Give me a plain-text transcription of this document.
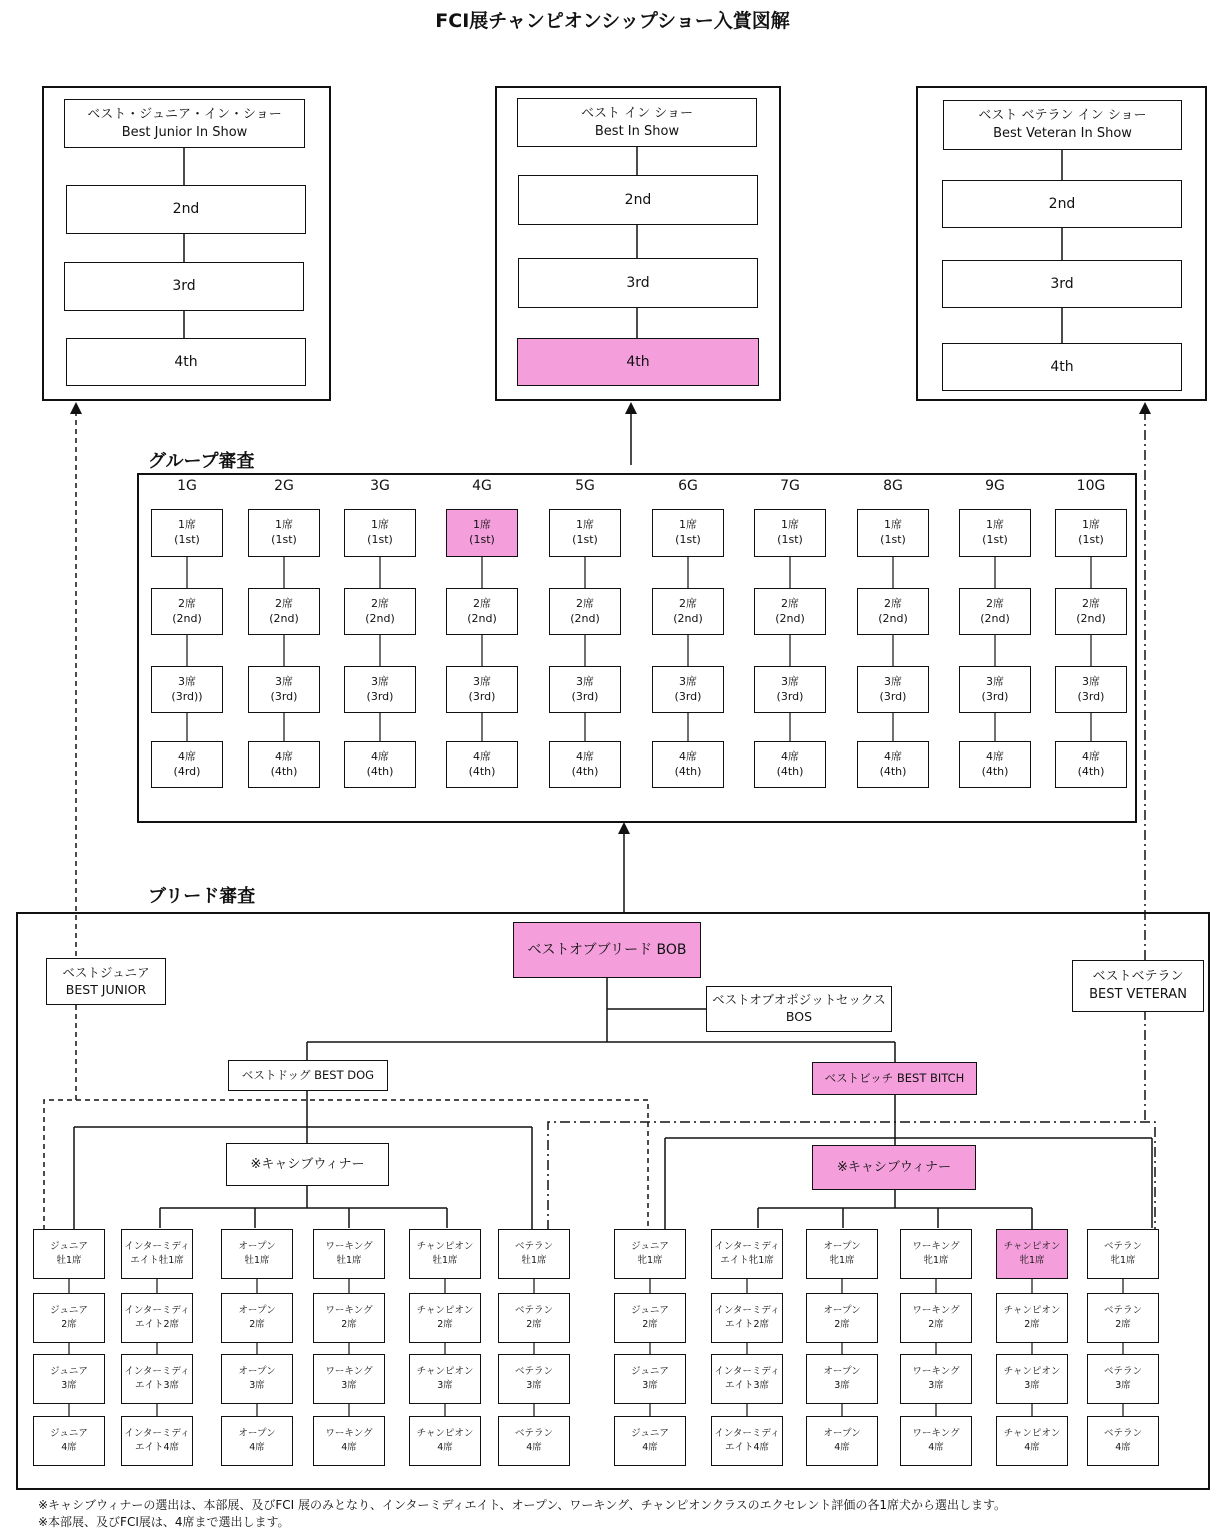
FCI展チャンピオンシップショー入賞図解
ベスト・ジュニア・イン・ショー
Best Junior In Show
2nd
3rd
4th
ベスト イン ショー
Best In Show
2nd
3rd
4th
ベスト ベテラン イン ショー
Best Veteran In Show
2nd
3rd
4th
グループ審査
1G
1席
(1st)
2席
(2nd)
3席
(3rd))
4席
(4rd)
2G
1席
(1st)
2席
(2nd)
3席
(3rd)
4席
(4th)
3G
1席
(1st)
2席
(2nd)
3席
(3rd)
4席
(4th)
4G
1席
(1st)
2席
(2nd)
3席
(3rd)
4席
(4th)
5G
1席
(1st)
2席
(2nd)
3席
(3rd)
4席
(4th)
6G
1席
(1st)
2席
(2nd)
3席
(3rd)
4席
(4th)
7G
1席
(1st)
2席
(2nd)
3席
(3rd)
4席
(4th)
8G
1席
(1st)
2席
(2nd)
3席
(3rd)
4席
(4th)
9G
1席
(1st)
2席
(2nd)
3席
(3rd)
4席
(4th)
10G
1席
(1st)
2席
(2nd)
3席
(3rd)
4席
(4th)
ブリード審査
ベストオブブリード BOB
ベストオブオポジットセックス
BOS
ベストジュニア
BEST JUNIOR
ベストベテラン
BEST VETERAN
ベストドッグ BEST DOG	ベストビッチ BEST BITCH
※キャシブウィナー	※キャシブウィナー
ジュニア
牡1席
ジュニア
2席
ジュニア
3席
ジュニア
4席
インターミディ
エイト牡1席
インターミディ
エイト2席
インターミディ
エイト3席
インターミディ
エイト4席
オープン
牡1席
オープン
2席
オープン
3席
オープン
4席
ワーキング
牡1席
ワーキング
2席
ワーキング
3席
ワーキング
4席
チャンピオン
牡1席
チャンピオン
2席
チャンピオン
3席
チャンピオン
4席
ベテラン
牡1席
ベテラン
2席
ベテラン
3席
ベテラン
4席
ジュニア
牝1席
ジュニア
2席
ジュニア
3席
ジュニア
4席
インターミディ
エイト牝1席
インターミディ
エイト2席
インターミディ
エイト3席
インターミディ
エイト4席
オープン
牝1席
オープン
2席
オープン
3席
オープン
4席
ワーキング
牝1席
ワーキング
2席
ワーキング
3席
ワーキング
4席
チャンピオン
牝1席
チャンピオン
2席
チャンピオン
3席
チャンピオン
4席
ベテラン
牝1席
ベテラン
2席
ベテラン
3席
ベテラン
4席
※キャシブウィナーの選出は、本部展、及びFCI 展のみとなり、インターミディエイト、オープン、ワーキング、チャンピオンクラスのエクセレント評価の各1席犬から選出します。
※本部展、及びFCI展は、4席まで選出します。
